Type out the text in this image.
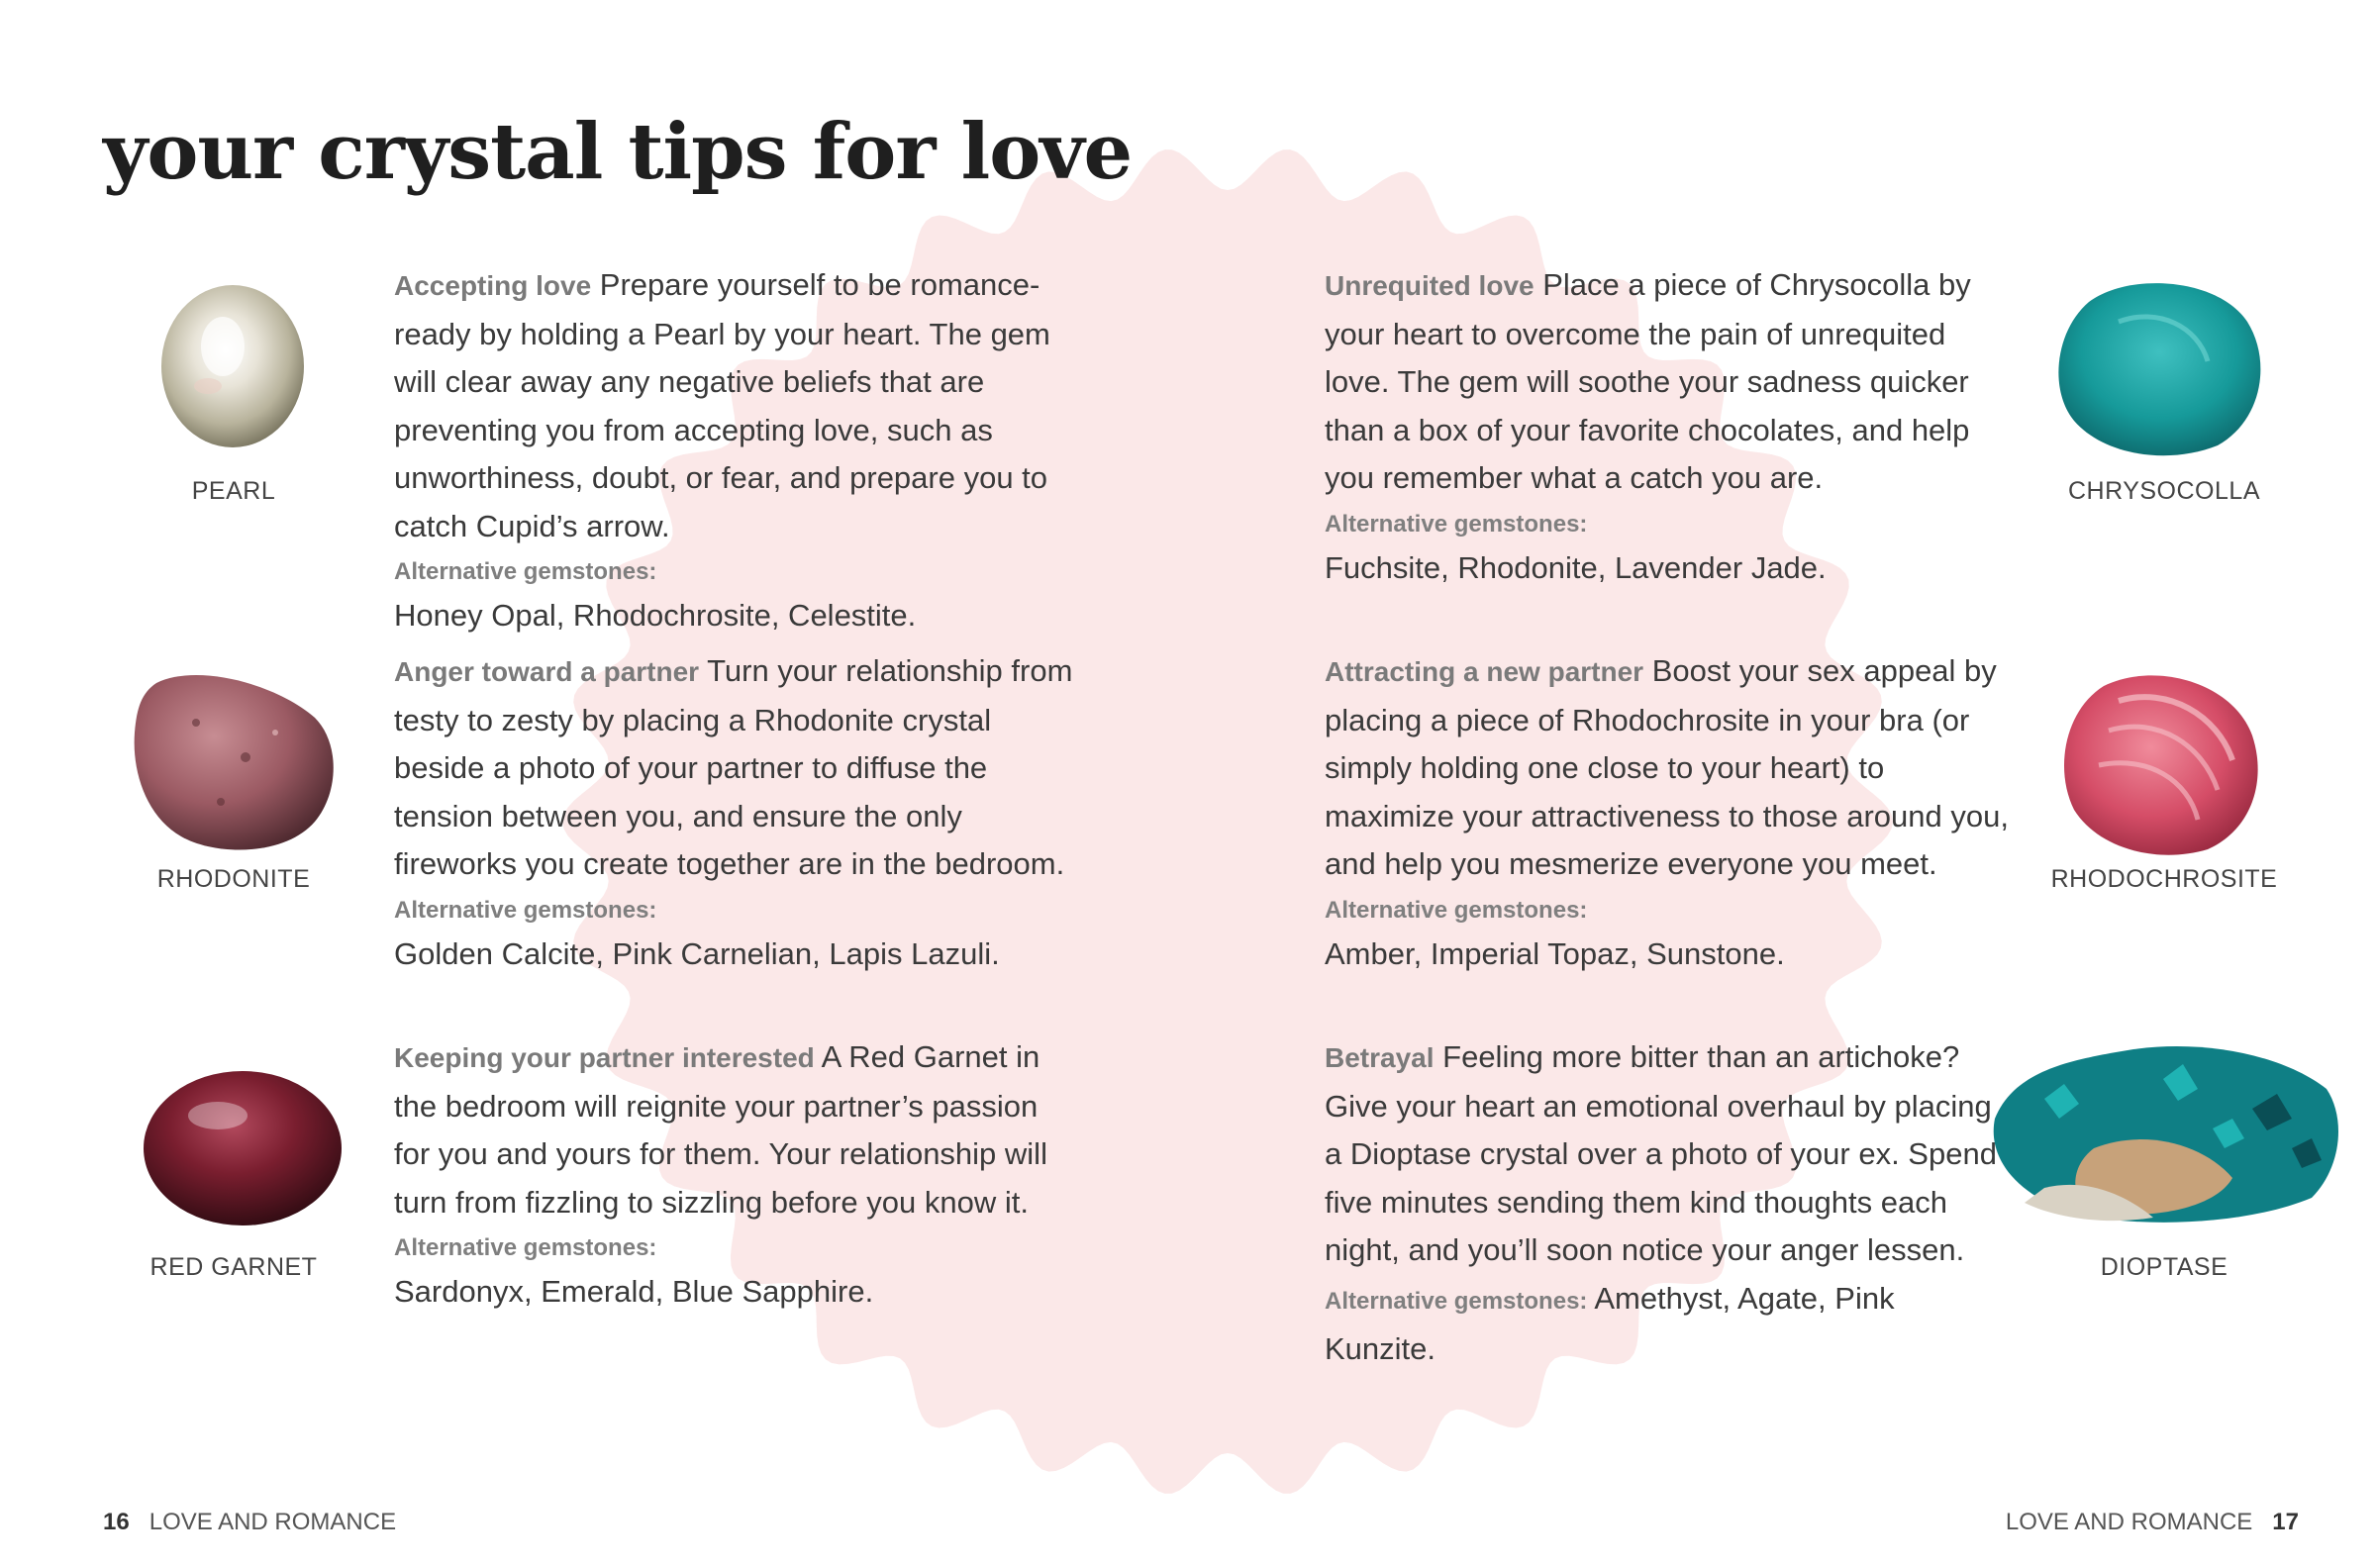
your crystal tips for love
PEARL
RHODONITE
RED GARNET
CHRYSOCOLLA
RHODOCHROSITE
DIOPTASE

Accepting love Prepare yourself to be romance-ready by holding a Pearl by your heart. The gem will clear away any negative beliefs that are preventing you from accepting love, such as unworthiness, doubt, or fear, and prepare you to catch Cupid’s arrow.

Alternative gemstones:
Honey Opal, Rhodochrosite, Celestite.

Anger toward a partner Turn your relationship from testy to zesty by placing a Rhodonite crystal beside a photo of your partner to diffuse the tension between you, and ensure the only fireworks you create together are in the bedroom.

Alternative gemstones:
Golden Calcite, Pink Carnelian, Lapis Lazuli.

Keeping your partner interested A Red Garnet in the bedroom will reignite your partner’s passion for you and yours for them. Your relationship will turn from fizzling to sizzling before you know it.

Alternative gemstones:
Sardonyx, Emerald, Blue Sapphire.

Unrequited love Place a piece of Chrysocolla by your heart to overcome the pain of unrequited love. The gem will soothe your sadness quicker than a box of your favorite chocolates, and help you remember what a catch you are.

Alternative gemstones:
Fuchsite, Rhodonite, Lavender Jade.

Attracting a new partner Boost your sex appeal by placing a piece of Rhodochrosite in your bra (or simply holding one close to your heart) to maximize your attractiveness to those around you, and help you mesmerize everyone you meet.

Alternative gemstones:
Amber, Imperial Topaz, Sunstone.

Betrayal Feeling more bitter than an artichoke? Give your heart an emotional overhaul by placing a Dioptase crystal over a photo of your ex. Spend five minutes sending them kind thoughts each night, and you’ll soon notice your anger lessen.

Alternative gemstones: Amethyst, Agate, Pink Kunzite.

16 LOVE AND ROMANCE	LOVE AND ROMANCE 17
